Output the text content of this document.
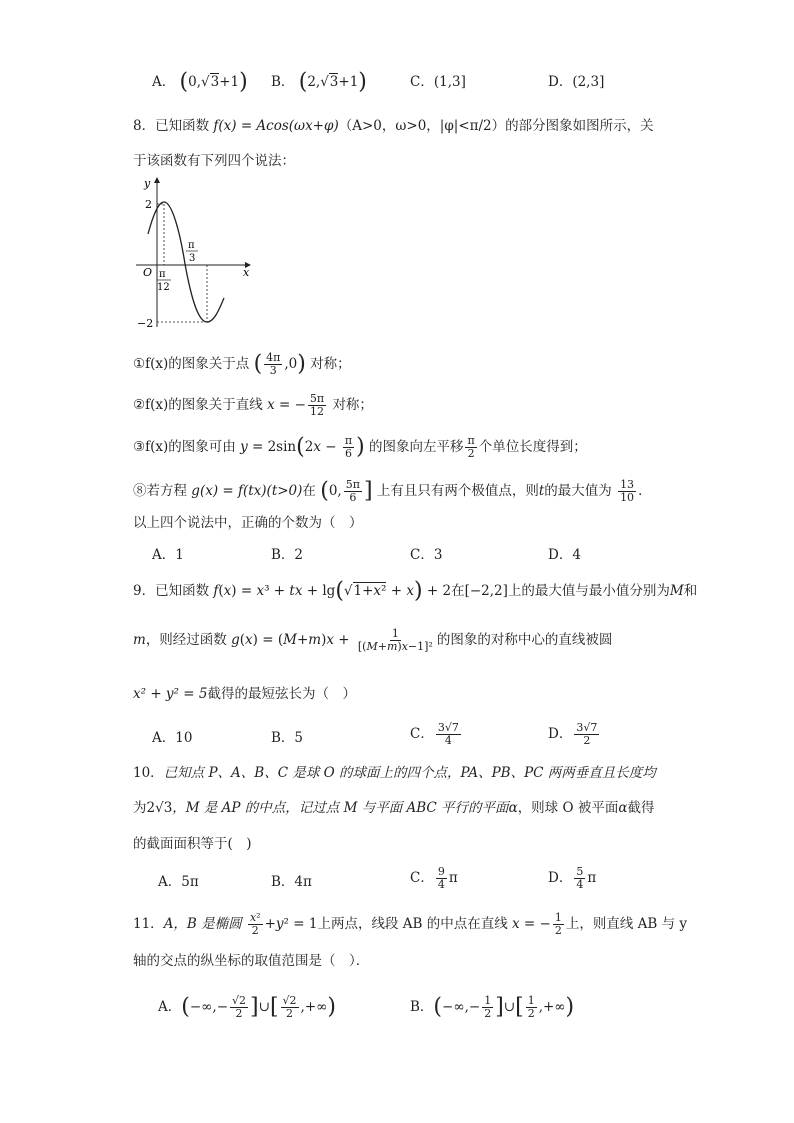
A． (0,√3+1) B． (2,√3+1)	C．(1,3]	D．(2,3]
8．已知函数 f(x) = Acos(ωx+φ)（A>0，ω>0，|φ|<π/2）的部分图象如图所示，关
于该函数有下列四个说法：
y
x
O
2
−2
π
12
π
3
①f(x)的图象关于点 ( $\frac{4\pi}{3} ,0$) 对称；
②f(x)的图象关于直线 x = − $\frac{5\pi}{12}$ 对称；
③f(x)的图象可由 $y = 2\sin(2x - \frac{\pi}{6}$ ) 的图象向左平移 $\frac{\pi}{2}$ 个单位长度得到；
⑧若方程 g(x) = f(tx)(t>0)在 (0, $\frac{5\pi}{6}$ ] 上有且只有两个极值点，则t的最大值为 $\frac{13}{10}$ ．
以上四个说法中，正确的个数为（　）
A．1	B．2	C．3	D．4
9．已知函数 f(x) = x³ + tx + lg(√1+x² + x) + 2在[−2,2]上的最大值与最小值分别为M和
m，则经过函数 $g(x) = (M+m)x + \frac{1}{\text{[(M+m)x−1]²}}$ 的图象的对称中心的直线被圆
x² + y² = 5截得的最短弦长为（　）
A．10	B．5	C． $\frac{3√7}{4}$	D． $\frac{3√7}{2}$
10．已知点 P、A、B、C 是球 O 的球面上的四个点，PA、PB、PC 两两垂直且长度均
为2√3，M 是 AP 的中点，记过点 M 与平面 ABC 平行的平面α，则球 O 被平面α截得
的截面面积等于(　)
A．5π	B．4π	C． $\frac{9}{4}$ π	D． $\frac{5}{4}$ π
11．A，B 是椭圆 $\frac{\text{x²}}{2} +y^2 = 1$上两点，线段 AB 的中点在直线 x = − $\frac{1}{2}$ 上，则直线 AB 与 y
轴的交点的纵坐标的取值范围是（　）．
A．(−∞,− $\frac{√2}{2}$ ]∪[ $\frac{√2}{2}$ ,+∞)	B．(−∞,− $\frac{1}{2}$ ]∪[ $\frac{1}{2}$ ,+∞)
